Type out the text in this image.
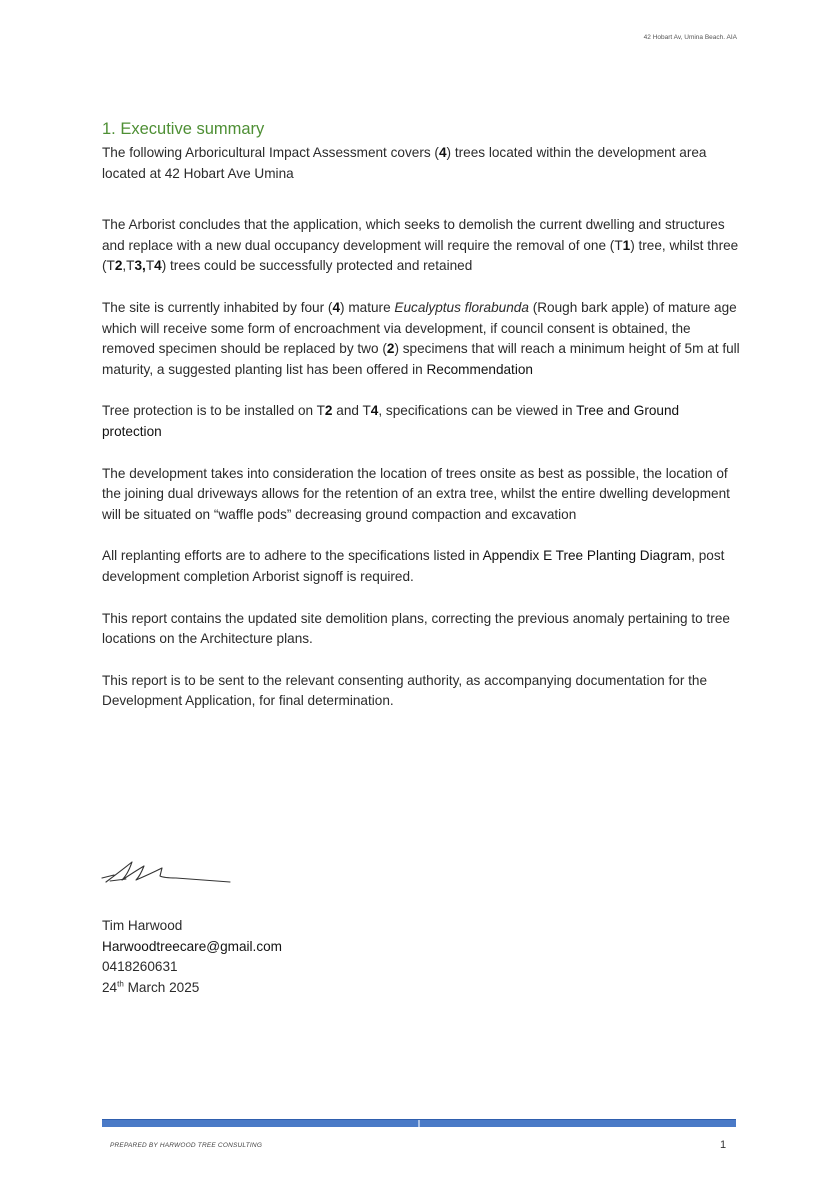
42 Hobart Av, Umina Beach. AIA
1. Executive summary

The following Arboricultural Impact Assessment covers (4) trees located within the development area located at 42 Hobart Ave Umina

The Arborist concludes that the application, which seeks to demolish the current dwelling and structures and replace with a new dual occupancy development will require the removal of one (T1) tree, whilst three (T2,T3,T4) trees could be successfully protected and retained

The site is currently inhabited by four (4) mature Eucalyptus florabunda (Rough bark apple) of mature age which will receive some form of encroachment via development, if council consent is obtained, the removed specimen should be replaced by two (2) specimens that will reach a minimum height of 5m at full maturity, a suggested planting list has been offered in Recommendation

Tree protection is to be installed on T2 and T4, specifications can be viewed in Tree and Ground protection

The development takes into consideration the location of trees onsite as best as possible, the location of the joining dual driveways allows for the retention of an extra tree, whilst the entire dwelling development will be situated on “waffle pods” decreasing ground compaction and excavation

All replanting efforts are to adhere to the specifications listed in Appendix E Tree Planting Diagram, post development completion Arborist signoff is required.

This report contains the updated site demolition plans, correcting the previous anomaly pertaining to tree locations on the Architecture plans.

This report is to be sent to the relevant consenting authority, as accompanying documentation for the Development Application, for final determination.

Tim Harwood
Harwoodtreecare@gmail.com
0418260631
24th March 2025
PREPARED BY HARWOOD TREE CONSULTING	1
